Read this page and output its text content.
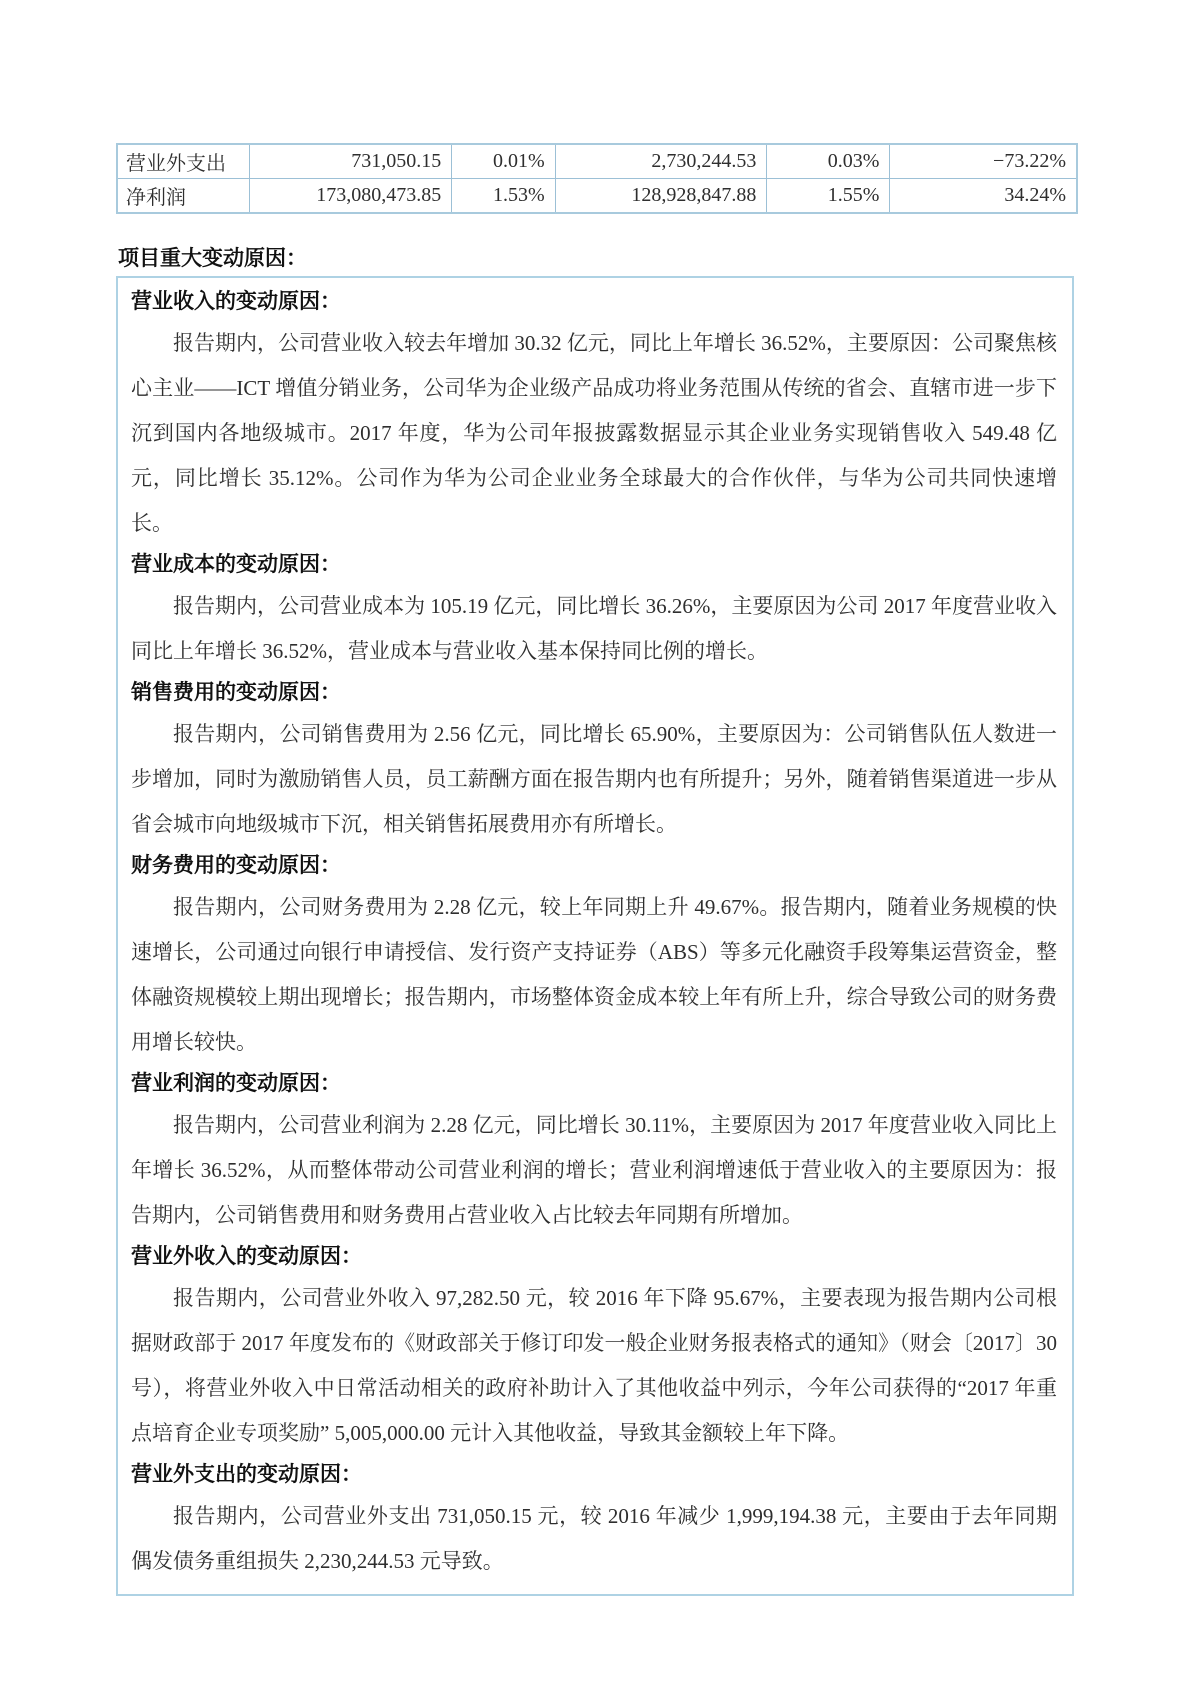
营业外支出	731,050.15	0.01%	2,730,244.53	0.03%	−73.22%
净利润	173,080,473.85	1.53%	128,928,847.88	1.55%	34.24%
项目重大变动原因：
营业收入的变动原因：

报告期内，公司营业收入较去年增加 30.32 亿元，同比上年增长 36.52%，主要原因：公司聚焦核心主业——ICT 增值分销业务，公司华为企业级产品成功将业务范围从传统的省会、直辖市进一步下沉到国内各地级城市。2017 年度，华为公司年报披露数据显示其企业业务实现销售收入 549.48 亿元，同比增长 35.12%。公司作为华为公司企业业务全球最大的合作伙伴，与华为公司共同快速增长。

营业成本的变动原因：

报告期内，公司营业成本为 105.19 亿元，同比增长 36.26%，主要原因为公司 2017 年度营业收入同比上年增长 36.52%，营业成本与营业收入基本保持同比例的增长。

销售费用的变动原因：

报告期内，公司销售费用为 2.56 亿元，同比增长 65.90%，主要原因为：公司销售队伍人数进一步增加，同时为激励销售人员，员工薪酬方面在报告期内也有所提升；另外，随着销售渠道进一步从省会城市向地级城市下沉，相关销售拓展费用亦有所增长。

财务费用的变动原因：

报告期内，公司财务费用为 2.28 亿元，较上年同期上升 49.67%。报告期内，随着业务规模的快速增长，公司通过向银行申请授信、发行资产支持证券（ABS）等多元化融资手段筹集运营资金，整体融资规模较上期出现增长；报告期内，市场整体资金成本较上年有所上升，综合导致公司的财务费用增长较快。

营业利润的变动原因：

报告期内，公司营业利润为 2.28 亿元，同比增长 30.11%，主要原因为 2017 年度营业收入同比上年增长 36.52%，从而整体带动公司营业利润的增长；营业利润增速低于营业收入的主要原因为：报告期内，公司销售费用和财务费用占营业收入占比较去年同期有所增加。

营业外收入的变动原因：

报告期内，公司营业外收入 97,282.50 元，较 2016 年下降 95.67%，主要表现为报告期内公司根据财政部于 2017 年度发布的《财政部关于修订印发一般企业财务报表格式的通知》（财会〔2017〕30 号），将营业外收入中日常活动相关的政府补助计入了其他收益中列示，今年公司获得的“2017 年重点培育企业专项奖励” 5,005,000.00 元计入其他收益，导致其金额较上年下降。

营业外支出的变动原因：

报告期内，公司营业外支出 731,050.15 元，较 2016 年减少 1,999,194.38 元，主要由于去年同期偶发债务重组损失 2,230,244.53 元导致。
